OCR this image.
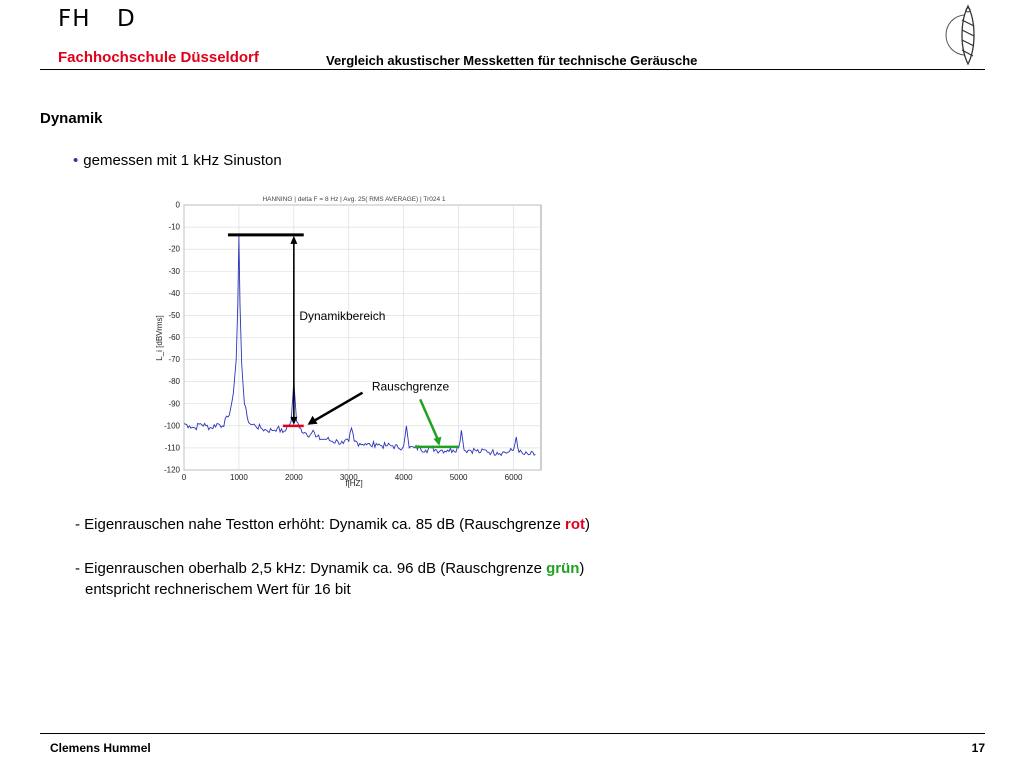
FH D
Fachhochschule Düsseldorf	Vergleich akustischer Messketten für technische Geräusche
Dynamik
• gemessen mit 1 kHz Sinuston
0
-10
-20
-30
-40
-50
-60
-70
-80
-90
-100
-110
-120
0	1000	2000	3000	4000	5000	6000
HANNING | delta F = 8 Hz | Avg. 25( RMS AVERAGE) | Tr024 1
f[HZ]
L_i [dBVrms]	Dynamikbereich
Rauschgrenze
- Eigenrauschen nahe Testton erhöht: Dynamik ca. 85 dB (Rauschgrenze rot)
- Eigenrauschen oberhalb 2,5 kHz: Dynamik ca. 96 dB (Rauschgrenze grün)
entspricht rechnerischem Wert für 16 bit
Clemens Hummel	17
